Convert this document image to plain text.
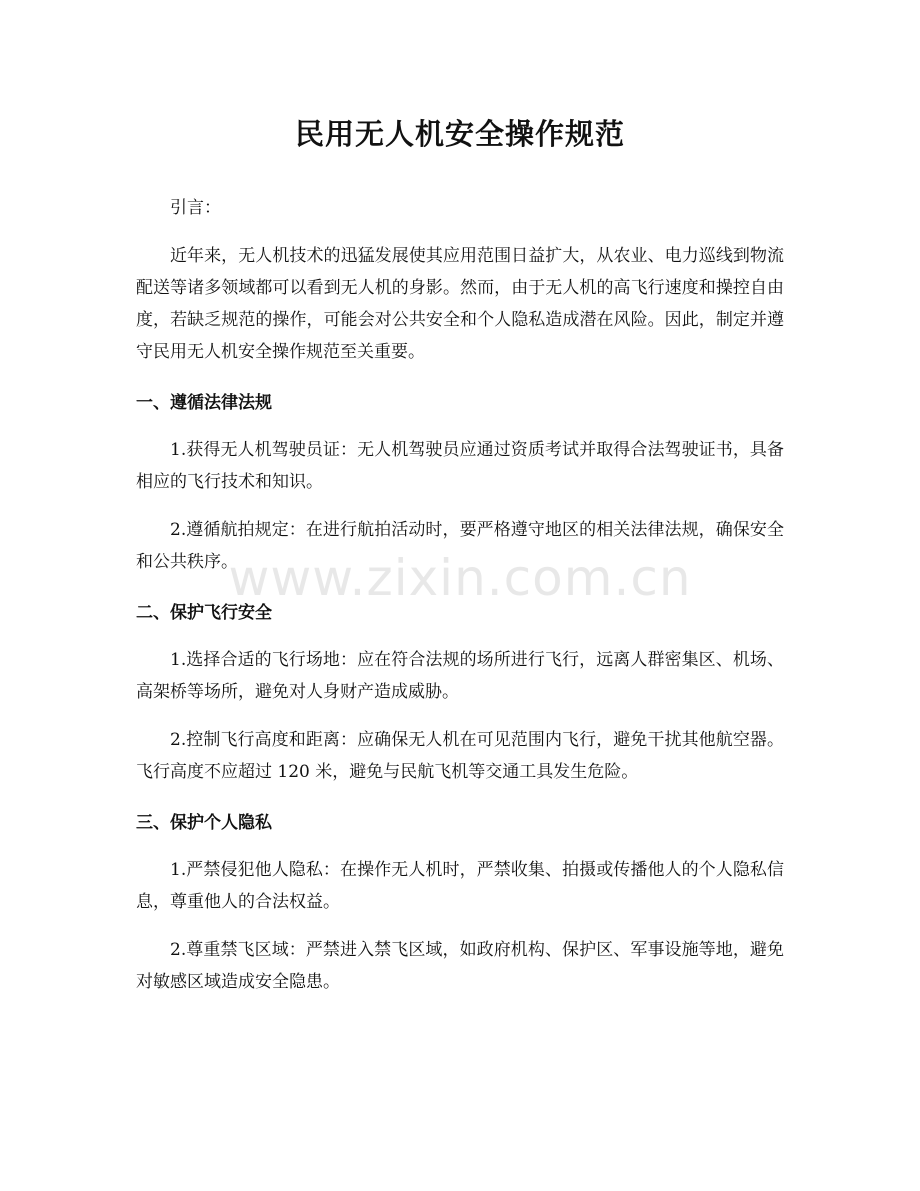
民用无人机安全操作规范

引言：

近年来，无人机技术的迅猛发展使其应用范围日益扩大，从农业、电力巡线到物流配送等诸多领域都可以看到无人机的身影。然而，由于无人机的高飞行速度和操控自由度，若缺乏规范的操作，可能会对公共安全和个人隐私造成潜在风险。因此，制定并遵守民用无人机安全操作规范至关重要。

一、遵循法律法规

1.获得无人机驾驶员证：无人机驾驶员应通过资质考试并取得合法驾驶证书，具备相应的飞行技术和知识。

2.遵循航拍规定：在进行航拍活动时，要严格遵守地区的相关法律法规，确保安全和公共秩序。

二、保护飞行安全

1.选择合适的飞行场地：应在符合法规的场所进行飞行，远离人群密集区、机场、高架桥等场所，避免对人身财产造成威胁。

2.控制飞行高度和距离：应确保无人机在可见范围内飞行，避免干扰其他航空器。飞行高度不应超过 120 米，避免与民航飞机等交通工具发生危险。

三、保护个人隐私

1.严禁侵犯他人隐私：在操作无人机时，严禁收集、拍摄或传播他人的个人隐私信息，尊重他人的合法权益。

2.尊重禁飞区域：严禁进入禁飞区域，如政府机构、保护区、军事设施等地，避免对敏感区域造成安全隐患。

www.zixin.com.cn
